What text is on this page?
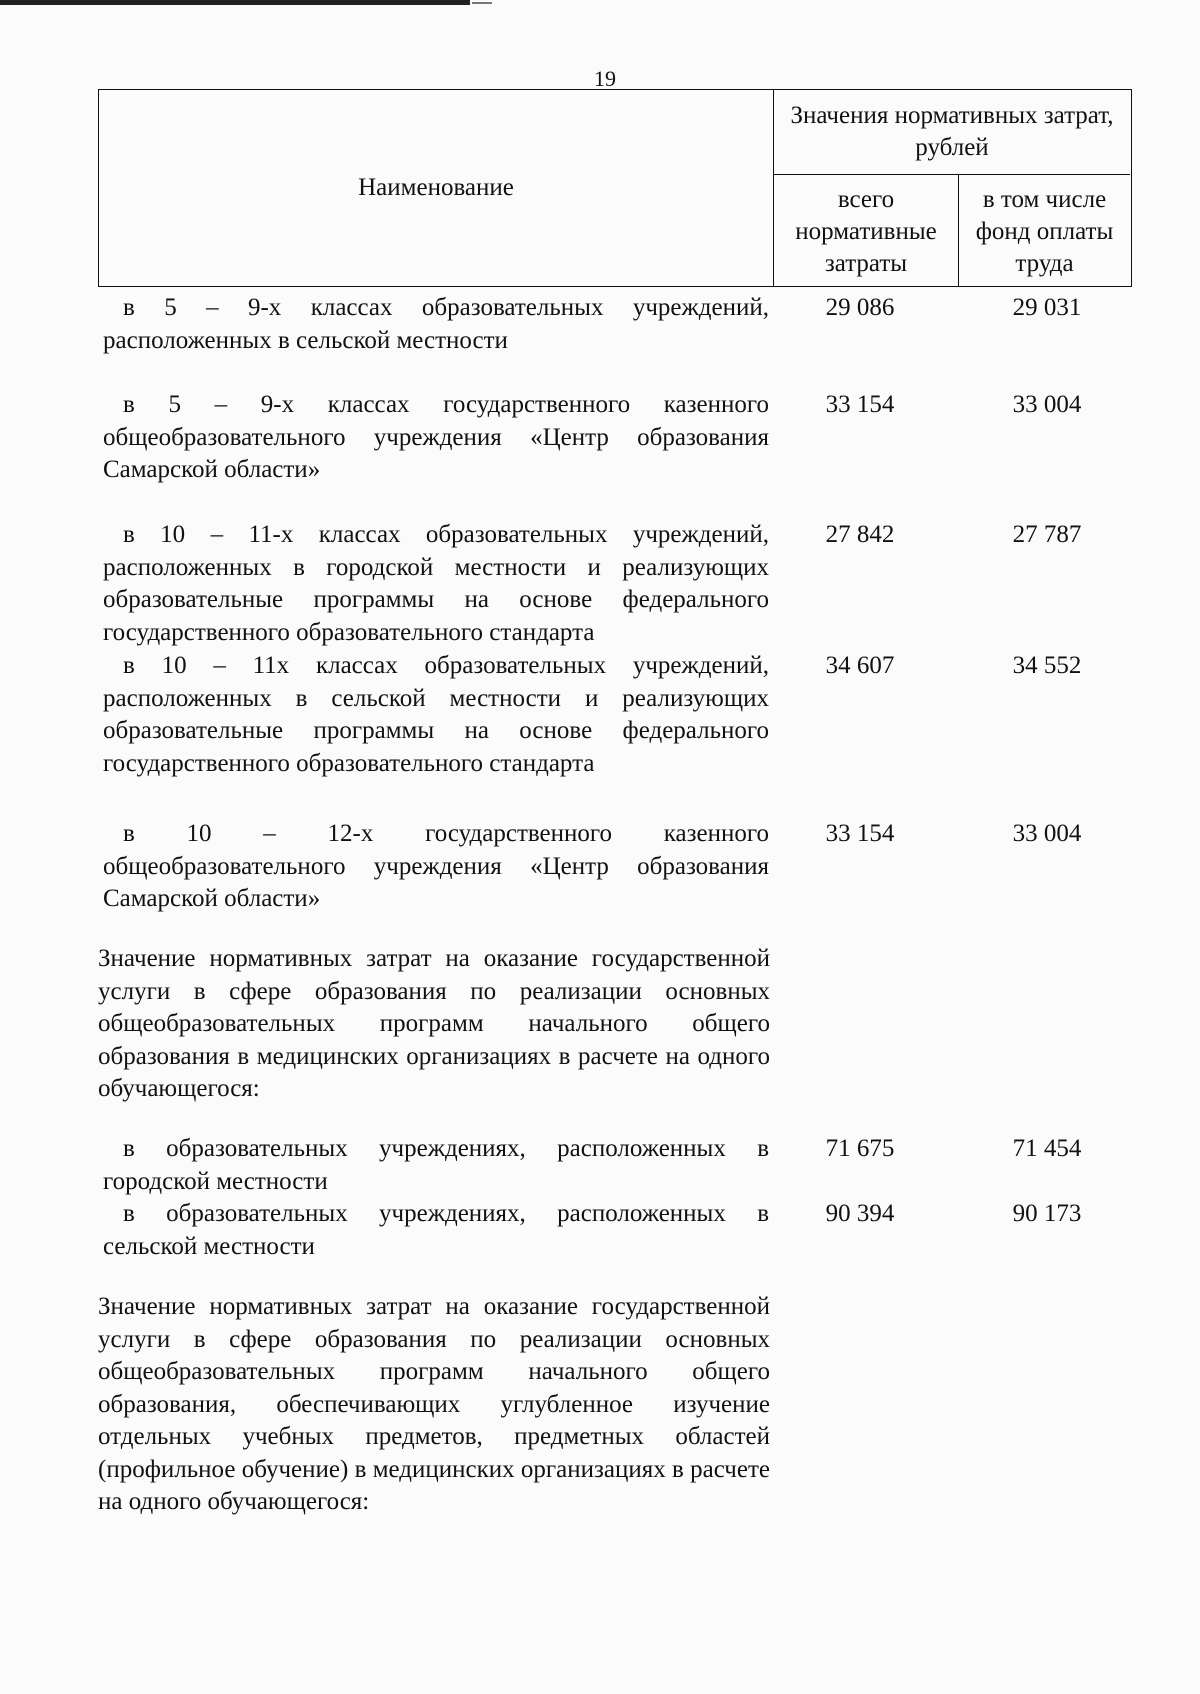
19
Наименование
Значения нормативных затрат, рублей
всего нормативные затраты
в том числе фонд оплаты труда
в 5 – 9-х классах образовательных учреждений, расположенных в сельской местности
29 086	29 031
в 5 – 9-х классах государственного казенного общеобразовательного учреждения «Центр образования Самарской области»
33 154	33 004
в 10 – 11-х классах образовательных учреждений, расположенных в городской местности и реализующих образовательные программы на основе федерального государственного образовательного стандарта
27 842	27 787
в 10 – 11х классах образовательных учреждений, расположенных в сельской местности и реализующих образовательные программы на основе федерального государственного образовательного стандарта
34 607	34 552
в 10 – 12-х государственного казенного общеобразовательного учреждения «Центр образования Самарской области»
33 154	33 004
Значение нормативных затрат на оказание государственной услуги в сфере образования по реализации основных общеобразовательных программ начального общего образования в медицинских организациях в расчете на одного обучающегося:
в образовательных учреждениях, расположенных в городской местности
71 675	71 454
в образовательных учреждениях, расположенных в сельской местности
90 394	90 173
Значение нормативных затрат на оказание государственной услуги в сфере образования по реализации основных общеобразовательных программ начального общего образования, обеспечивающих углубленное изучение отдельных учебных предметов, предметных областей (профильное обучение) в медицинских организациях в расчете на одного обучающегося:
